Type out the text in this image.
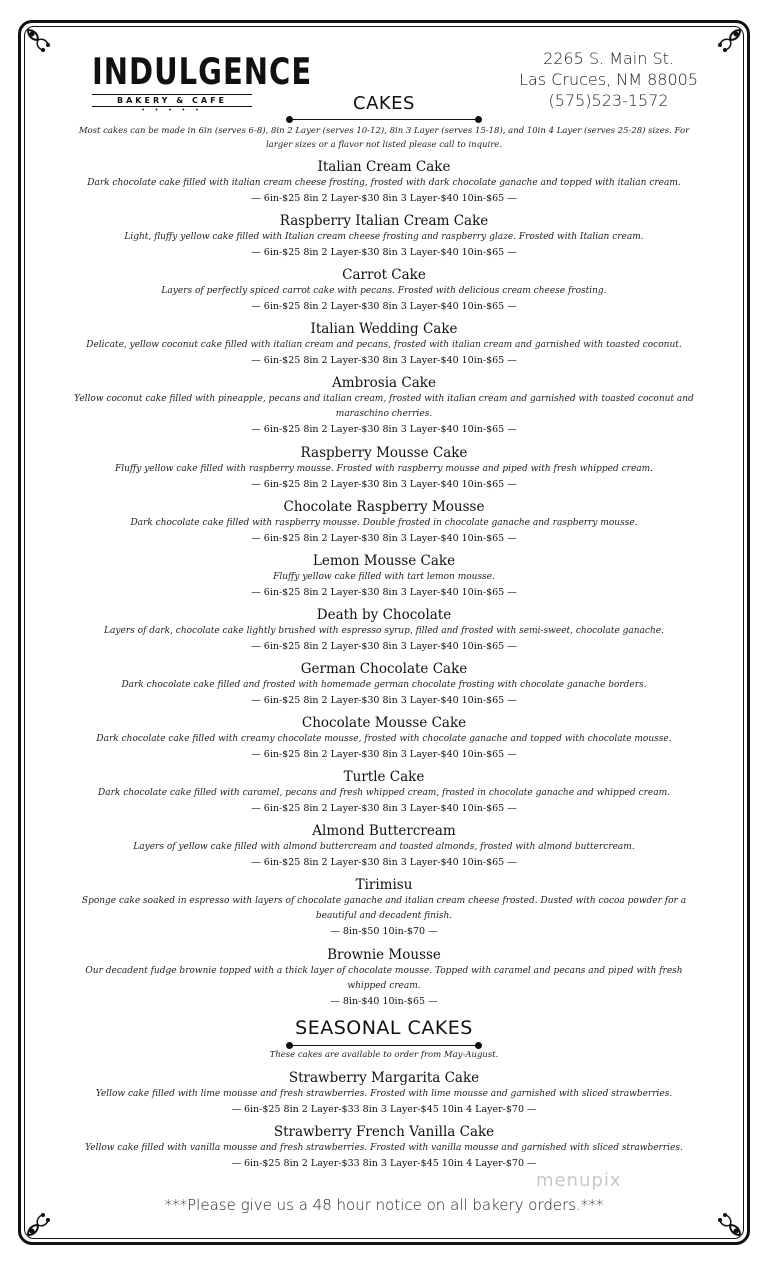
INDULGENCE
BAKERY & CAFE
• • • • •
2265 S. Main St.
Las Cruces, NM 88005
(575)523-1572
CAKES
Most cakes can be made in 6in (serves 6-8), 8in 2 Layer (serves 10-12), 8in 3 Layer (serves 15-18), and 10in 4 Layer (serves 25-28) sizes. For larger sizes or a flavor not listed please call to inquire.
Italian Cream Cake
Dark chocolate cake filled with italian cream cheese frosting, frosted with dark chocolate ganache and topped with italian cream.
— 6in-$25 8in 2 Layer-$30 8in 3 Layer-$40 10in-$65 —
Raspberry Italian Cream Cake
Light, fluffy yellow cake filled with Italian cream cheese frosting and raspberry glaze. Frosted with Italian cream.
— 6in-$25 8in 2 Layer-$30 8in 3 Layer-$40 10in-$65 —
Carrot Cake
Layers of perfectly spiced carrot cake with pecans. Frosted with delicious cream cheese frosting.
— 6in-$25 8in 2 Layer-$30 8in 3 Layer-$40 10in-$65 —
Italian Wedding Cake
Delicate, yellow coconut cake filled with italian cream and pecans, frosted with italian cream and garnished with toasted coconut.
— 6in-$25 8in 2 Layer-$30 8in 3 Layer-$40 10in-$65 —
Ambrosia Cake
Yellow coconut cake filled with pineapple, pecans and italian cream, frosted with italian cream and garnished with toasted coconut and maraschino cherries.
— 6in-$25 8in 2 Layer-$30 8in 3 Layer-$40 10in-$65 —
Raspberry Mousse Cake
Fluffy yellow cake filled with raspberry mousse. Frosted with raspberry mousse and piped with fresh whipped cream.
— 6in-$25 8in 2 Layer-$30 8in 3 Layer-$40 10in-$65 —
Chocolate Raspberry Mousse
Dark chocolate cake filled with raspberry mousse. Double frosted in chocolate ganache and raspberry mousse.
— 6in-$25 8in 2 Layer-$30 8in 3 Layer-$40 10in-$65 —
Lemon Mousse Cake
Fluffy yellow cake filled with tart lemon mousse.
— 6in-$25 8in 2 Layer-$30 8in 3 Layer-$40 10in-$65 —
Death by Chocolate
Layers of dark, chocolate cake lightly brushed with espresso syrup, filled and frosted with semi-sweet, chocolate ganache.
— 6in-$25 8in 2 Layer-$30 8in 3 Layer-$40 10in-$65 —
German Chocolate Cake
Dark chocolate cake filled and frosted with homemade german chocolate frosting with chocolate ganache borders.
— 6in-$25 8in 2 Layer-$30 8in 3 Layer-$40 10in-$65 —
Chocolate Mousse Cake
Dark chocolate cake filled with creamy chocolate mousse, frosted with chocolate ganache and topped with chocolate mousse.
— 6in-$25 8in 2 Layer-$30 8in 3 Layer-$40 10in-$65 —
Turtle Cake
Dark chocolate cake filled with caramel, pecans and fresh whipped cream, frosted in chocolate ganache and whipped cream.
— 6in-$25 8in 2 Layer-$30 8in 3 Layer-$40 10in-$65 —
Almond Buttercream
Layers of yellow cake filled with almond buttercream and toasted almonds, frosted with almond buttercream.
— 6in-$25 8in 2 Layer-$30 8in 3 Layer-$40 10in-$65 —
Tirimisu
Sponge cake soaked in espresso with layers of chocolate ganache and italian cream cheese frosted. Dusted with cocoa powder for a beautiful and decadent finish.
— 8in-$50 10in-$70 —
Brownie Mousse
Our decadent fudge brownie topped with a thick layer of chocolate mousse. Topped with caramel and pecans and piped with fresh whipped cream.
— 8in-$40 10in-$65 —
SEASONAL CAKES
These cakes are available to order from May-August.
Strawberry Margarita Cake
Yellow cake filled with lime mousse and fresh strawberries. Frosted with lime mousse and garnished with sliced strawberries.
— 6in-$25 8in 2 Layer-$33 8in 3 Layer-$45 10in 4 Layer-$70 —
Strawberry French Vanilla Cake
Yellow cake filled with vanilla mousse and fresh strawberries. Frosted with vanilla mousse and garnished with sliced strawberries.
— 6in-$25 8in 2 Layer-$33 8in 3 Layer-$45 10in 4 Layer-$70 —
***Please give us a 48 hour notice on all bakery orders.***
menupix
